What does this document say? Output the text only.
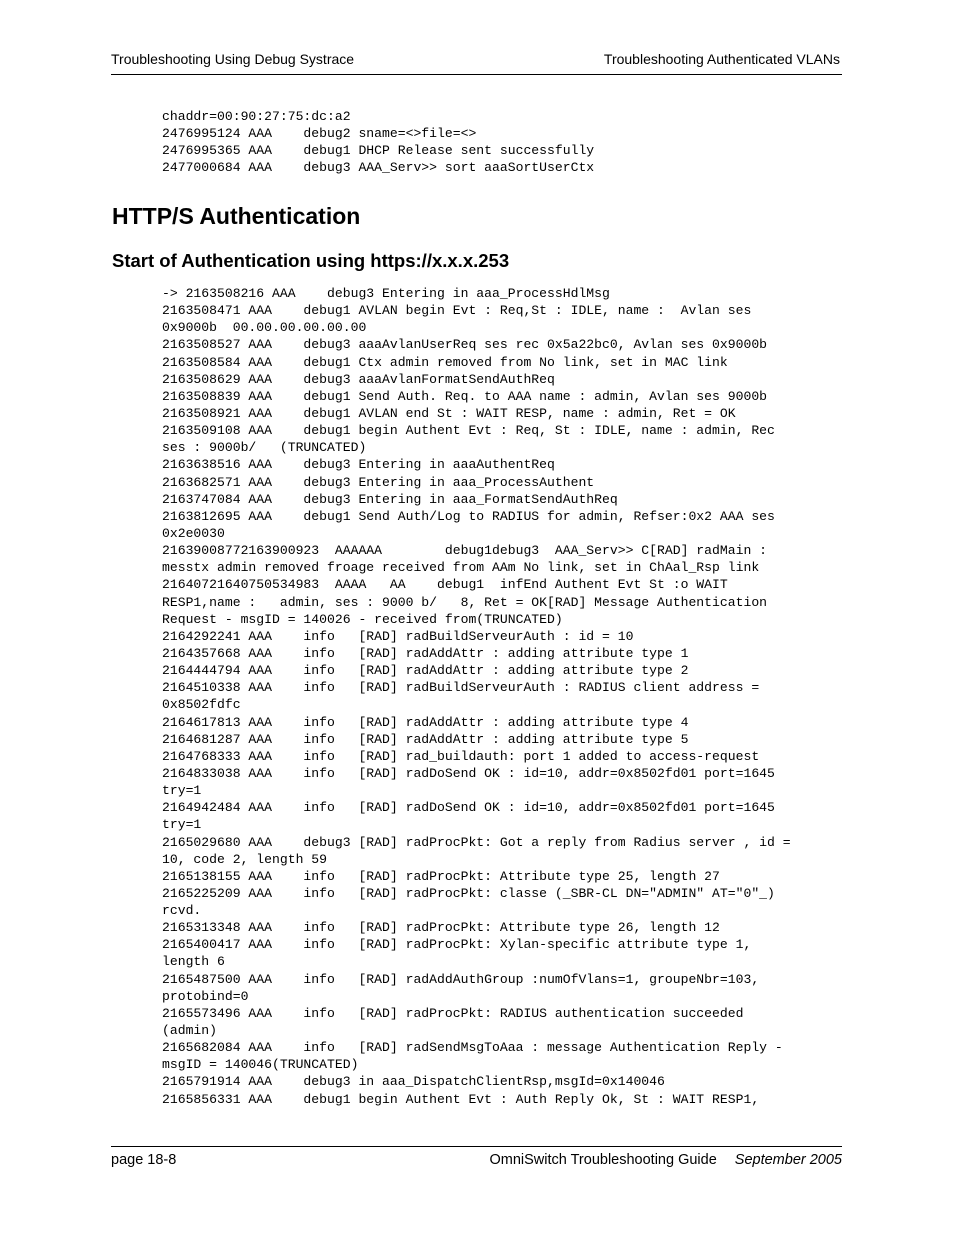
Troubleshooting Using Debug Systrace	Troubleshooting Authenticated VLANs
chaddr=00:90:27:75:dc:a2
2476995124 AAA    debug2 sname=<>file=<>
2476995365 AAA    debug1 DHCP Release sent successfully
2477000684 AAA    debug3 AAA_Serv>> sort aaaSortUserCtx
HTTP/S Authentication
Start of Authentication using https://x.x.x.253
-> 2163508216 AAA    debug3 Entering in aaa_ProcessHdlMsg
2163508471 AAA    debug1 AVLAN begin Evt : Req,St : IDLE, name :  Avlan ses
0x9000b  00.00.00.00.00.00
2163508527 AAA    debug3 aaaAvlanUserReq ses rec 0x5a22bc0, Avlan ses 0x9000b
2163508584 AAA    debug1 Ctx admin removed from No link, set in MAC link
2163508629 AAA    debug3 aaaAvlanFormatSendAuthReq
2163508839 AAA    debug1 Send Auth. Req. to AAA name : admin, Avlan ses 9000b
2163508921 AAA    debug1 AVLAN end St : WAIT RESP, name : admin, Ret = OK
2163509108 AAA    debug1 begin Authent Evt : Req, St : IDLE, name : admin, Rec
ses : 9000b/   (TRUNCATED)
2163638516 AAA    debug3 Entering in aaaAuthentReq
2163682571 AAA    debug3 Entering in aaa_ProcessAuthent
2163747084 AAA    debug3 Entering in aaa_FormatSendAuthReq
2163812695 AAA    debug1 Send Auth/Log to RADIUS for admin, Refser:0x2 AAA ses
0x2e0030
21639008772163900923  AAAAAA        debug1debug3  AAA_Serv>> C[RAD] radMain :
messtx admin removed froage received from AAm No link, set in ChAal_Rsp link
21640721640750534983  AAAA   AA    debug1  infEnd Authent Evt St :o WAIT
RESP1,name :   admin, ses : 9000 b/   8, Ret = OK[RAD] Message Authentication
Request - msgID = 140026 - received from(TRUNCATED)
2164292241 AAA    info   [RAD] radBuildServeurAuth : id = 10
2164357668 AAA    info   [RAD] radAddAttr : adding attribute type 1
2164444794 AAA    info   [RAD] radAddAttr : adding attribute type 2
2164510338 AAA    info   [RAD] radBuildServeurAuth : RADIUS client address =
0x8502fdfc
2164617813 AAA    info   [RAD] radAddAttr : adding attribute type 4
2164681287 AAA    info   [RAD] radAddAttr : adding attribute type 5
2164768333 AAA    info   [RAD] rad_buildauth: port 1 added to access-request
2164833038 AAA    info   [RAD] radDoSend OK : id=10, addr=0x8502fd01 port=1645
try=1
2164942484 AAA    info   [RAD] radDoSend OK : id=10, addr=0x8502fd01 port=1645
try=1
2165029680 AAA    debug3 [RAD] radProcPkt: Got a reply from Radius server , id =
10, code 2, length 59
2165138155 AAA    info   [RAD] radProcPkt: Attribute type 25, length 27
2165225209 AAA    info   [RAD] radProcPkt: classe (_SBR-CL DN="ADMIN" AT="0"_)
rcvd.
2165313348 AAA    info   [RAD] radProcPkt: Attribute type 26, length 12
2165400417 AAA    info   [RAD] radProcPkt: Xylan-specific attribute type 1,
length 6
2165487500 AAA    info   [RAD] radAddAuthGroup :numOfVlans=1, groupeNbr=103,
protobind=0
2165573496 AAA    info   [RAD] radProcPkt: RADIUS authentication succeeded
(admin)
2165682084 AAA    info   [RAD] radSendMsgToAaa : message Authentication Reply -
msgID = 140046(TRUNCATED)
2165791914 AAA    debug3 in aaa_DispatchClientRsp,msgId=0x140046
2165856331 AAA    debug1 begin Authent Evt : Auth Reply Ok, St : WAIT RESP1,
page 18-8	OmniSwitch Troubleshooting Guide September 2005
